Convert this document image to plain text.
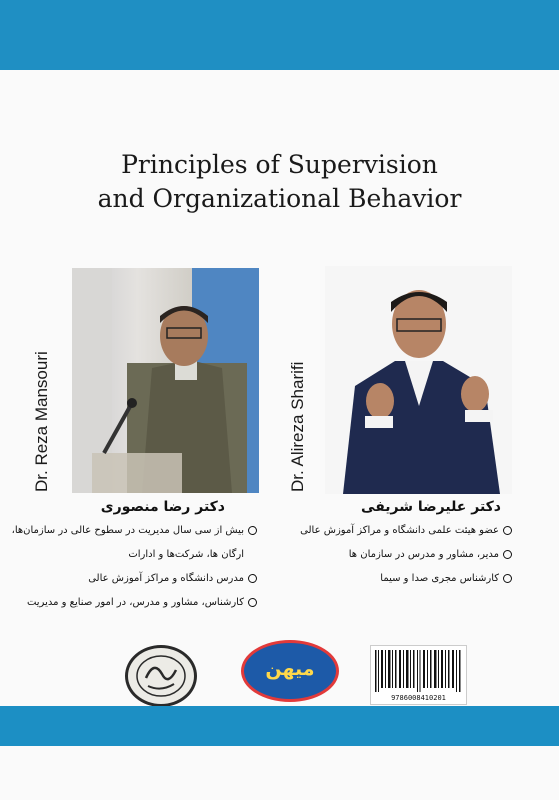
Principles of Supervision
and Organizational Behavior
Dr. Reza Mansouri	Dr. Alireza Sharifi
دکتر رضا منصوری	دکتر علیرضا شریفی
بیش از سی سال مدیریت در سطوح عالی در سازمان‌ها،
ارگان ها، شرکت‌ها و ادارات
مدرس دانشگاه و مراکز آموزش عالی
کارشناس، مشاور و مدرس، در امور صنایع و مدیریت
عضو هیئت علمی دانشگاه و مراکز آموزش عالی
مدیر، مشاور و مدرس در سازمان ها
کارشناس مجری صدا و سیما
میهن
9786008410201
